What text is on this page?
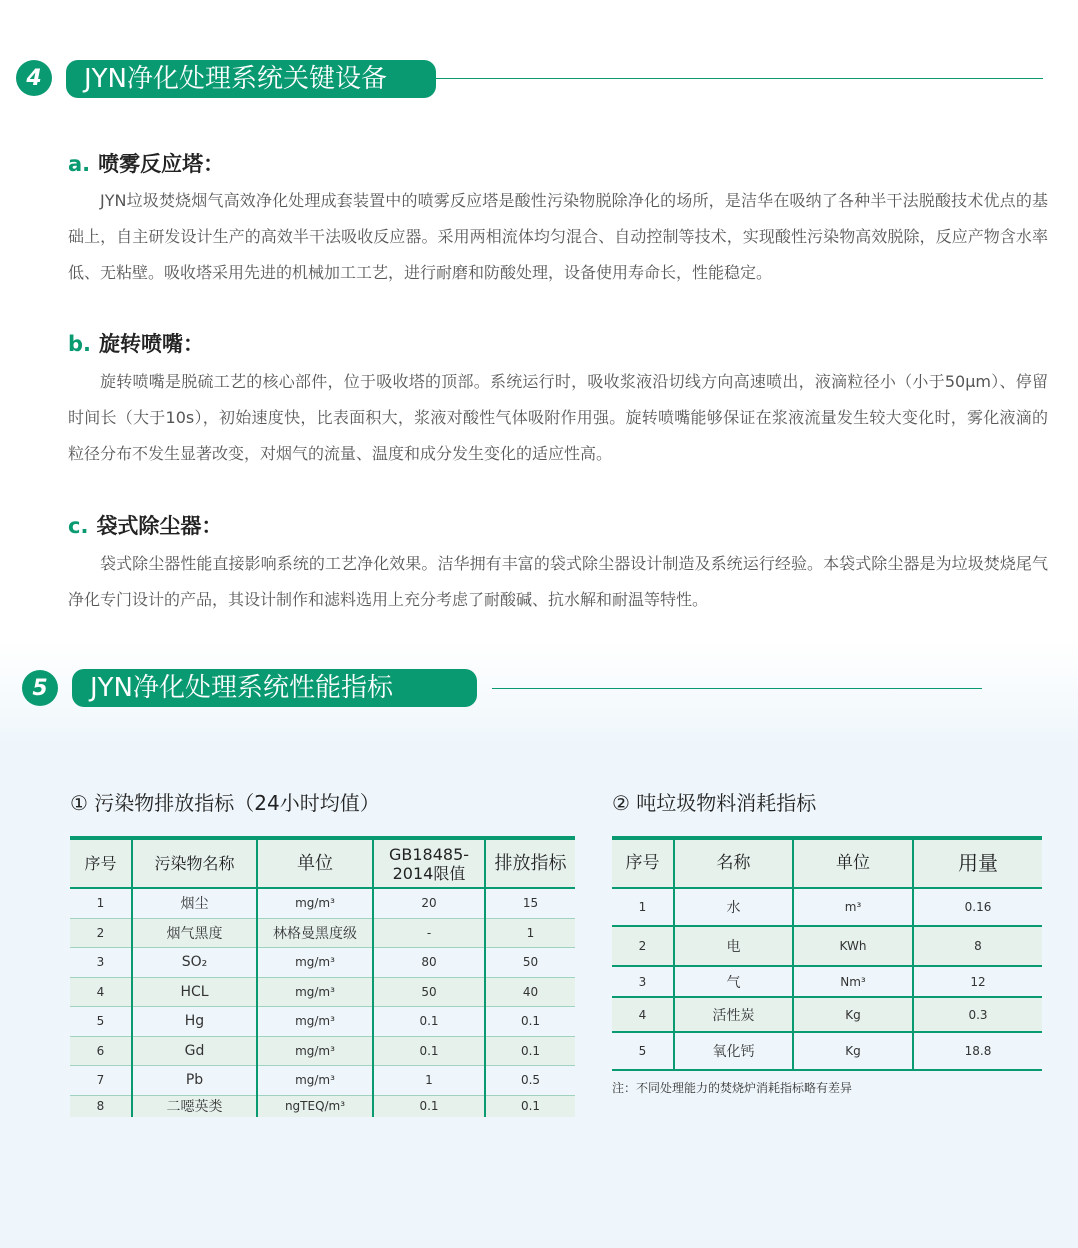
4	JYN净化处理系统关键设备
a. 喷雾反应塔：

JYN垃圾焚烧烟气高效净化处理成套装置中的喷雾反应塔是酸性污染物脱除净化的场所，是洁华在吸纳了各种半干法脱酸技术优点的基础上，自主研发设计生产的高效半干法吸收反应器。采用两相流体均匀混合、自动控制等技术，实现酸性污染物高效脱除，反应产物含水率低、无粘壁。吸收塔采用先进的机械加工工艺，进行耐磨和防酸处理，设备使用寿命长，性能稳定。

b. 旋转喷嘴：

旋转喷嘴是脱硫工艺的核心部件，位于吸收塔的顶部。系统运行时，吸收浆液沿切线方向高速喷出，液滴粒径小（小于50μm）、停留时间长（大于10s），初始速度快，比表面积大，浆液对酸性气体吸附作用强。旋转喷嘴能够保证在浆液流量发生较大变化时，雾化液滴的粒径分布不发生显著改变，对烟气的流量、温度和成分发生变化的适应性高。

c. 袋式除尘器：

袋式除尘器性能直接影响系统的工艺净化效果。洁华拥有丰富的袋式除尘器设计制造及系统运行经验。本袋式除尘器是为垃圾焚烧尾气净化专门设计的产品，其设计制作和滤料选用上充分考虑了耐酸碱、抗水解和耐温等特性。

5	JYN净化处理系统性能指标
① 污染物排放指标（24小时均值）
序号	污染物名称	单位	GB18485-2014限值	排放指标
1	烟尘	mg/m³	20	15
2	烟气黑度	林格曼黑度级	-	1
3	SO₂	mg/m³	80	50
4	HCL	mg/m³	50	40
5	Hg	mg/m³	0.1	0.1
6	Gd	mg/m³	0.1	0.1
7	Pb	mg/m³	1	0.5
8	二噁英类	ngTEQ/m³	0.1	0.1
② 吨垃圾物料消耗指标
序号	名称	单位	用量
1	水	m³	0.16
2	电	KWh	8
3	气	Nm³	12
4	活性炭	Kg	0.3
5	氧化钙	Kg	18.8
注：不同处理能力的焚烧炉消耗指标略有差异
